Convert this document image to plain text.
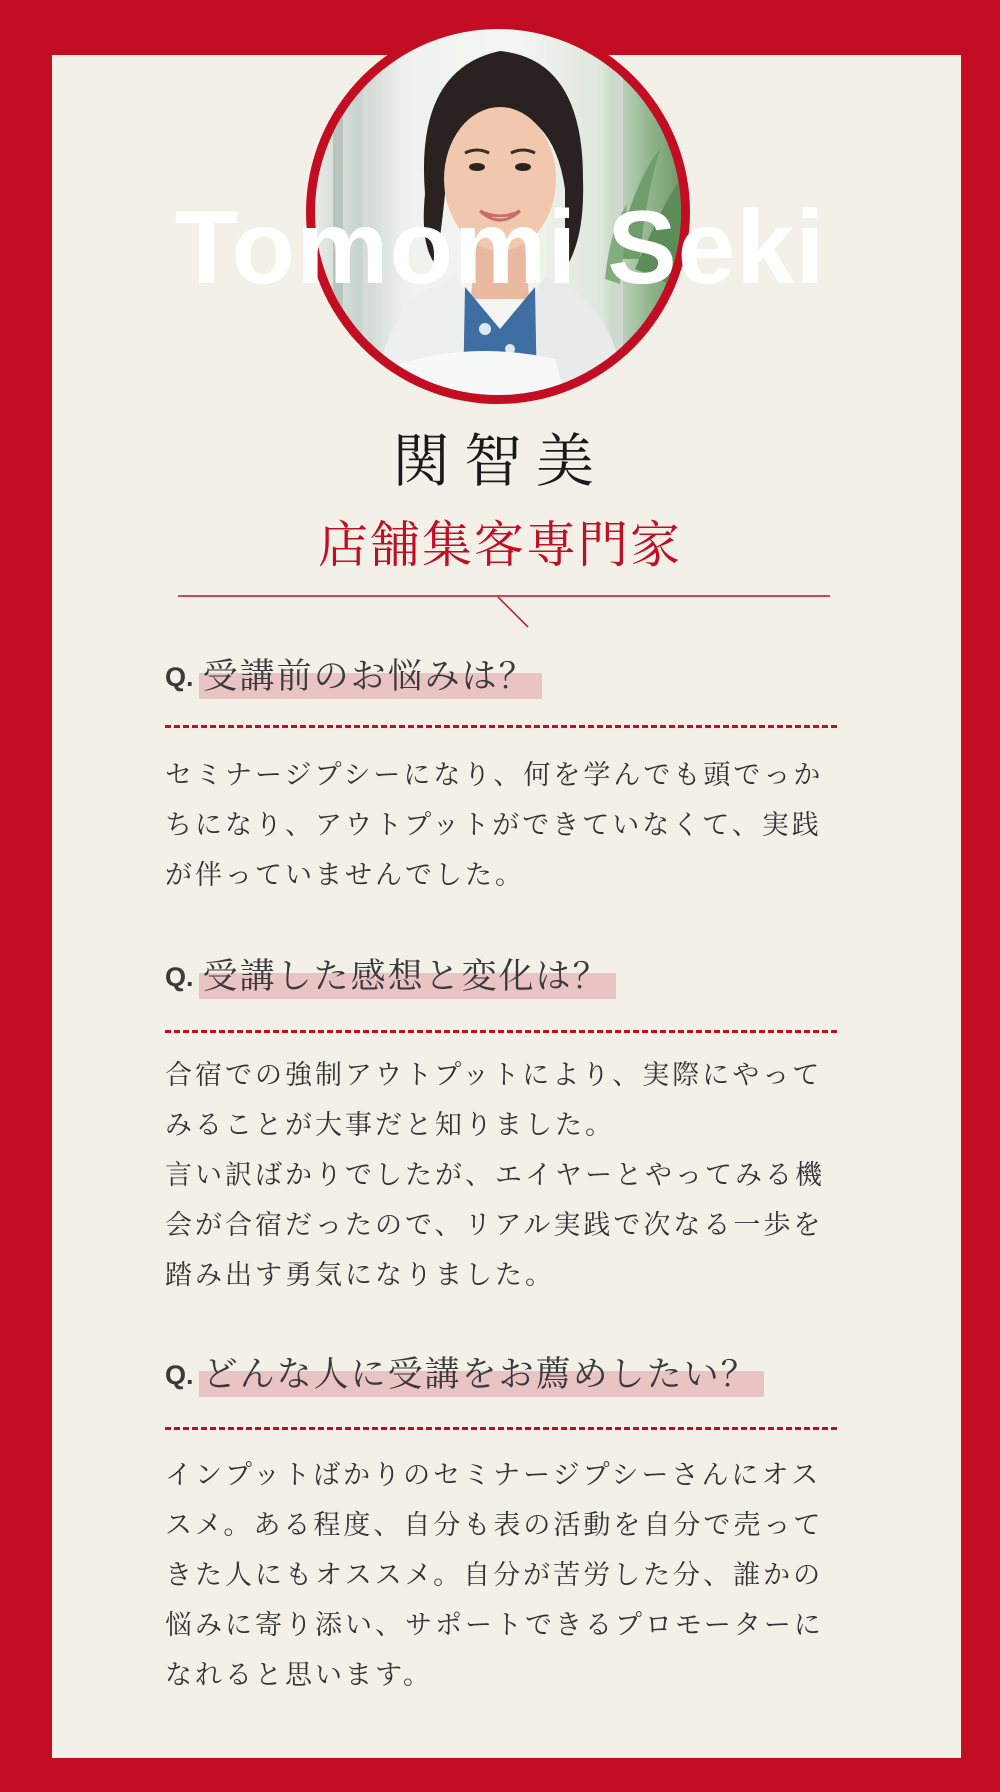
Tomomi Seki
関智美
店舗集客専門家
Q. 受講前のお悩みは？
セミナージプシーになり、何を学んでも頭でっか
ちになり、アウトプットができていなくて、実践
が伴っていませんでした。
Q. 受講した感想と変化は？
合宿での強制アウトプットにより、実際にやって
みることが大事だと知りました。
言い訳ばかりでしたが、エイヤーとやってみる機
会が合宿だったので、リアル実践で次なる一歩を
踏み出す勇気になりました。
Q. どんな人に受講をお薦めしたい？
インプットばかりのセミナージプシーさんにオス
スメ。ある程度、自分も表の活動を自分で売って
きた人にもオススメ。自分が苦労した分、誰かの
悩みに寄り添い、サポートできるプロモーターに
なれると思います。
